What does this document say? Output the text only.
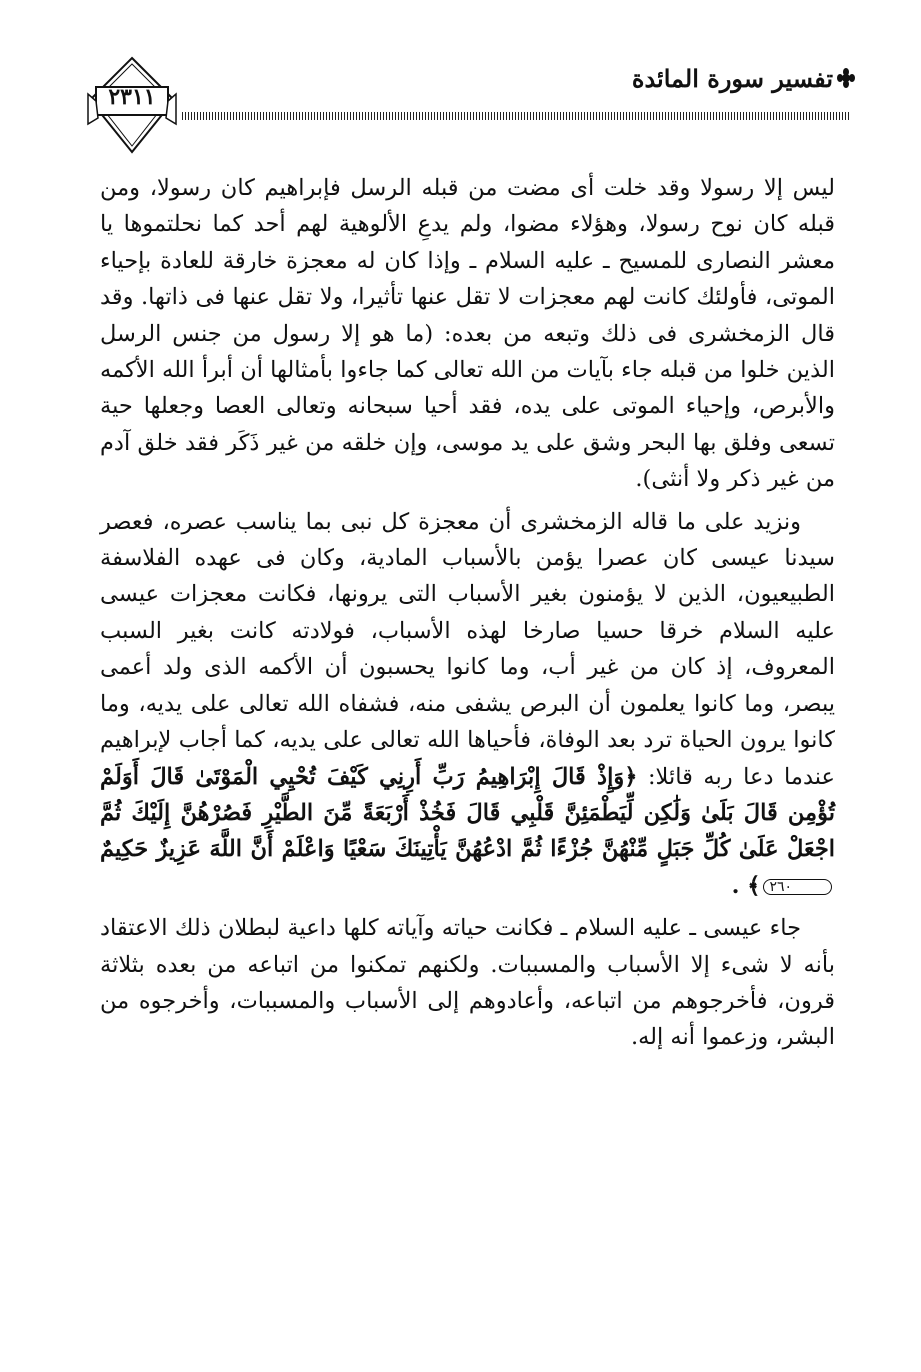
٢٣١١
تفسير سورة المائدة

ليس إلا رسولا وقد خلت أى مضت من قبله الرسل فإبراهيم كان رسولا، ومن قبله كان نوح رسولا، وهؤلاء مضوا، ولم يدعِ الألوهية لهم أحد كما نحلتموها يا معشر النصارى للمسيح ـ عليه السلام ـ وإذا كان له معجزة خارقة للعادة بإحياء الموتى، فأولئك كانت لهم معجزات لا تقل عنها تأثيرا، ولا تقل عنها فى ذاتها. وقد قال الزمخشرى فى ذلك وتبعه من بعده: (ما هو إلا رسول من جنس الرسل الذين خلوا من قبله جاء بآيات من الله تعالى كما جاءوا بأمثالها أن أبرأ الله الأكمه والأبرص، وإحياء الموتى على يده، فقد أحيا سبحانه وتعالى العصا وجعلها حية تسعى وفلق بها البحر وشق على يد موسى، وإن خلقه من غير ذَكَر فقد خلق آدم من غير ذكر ولا أنثى).

ونزيد على ما قاله الزمخشرى أن معجزة كل نبى بما يناسب عصره، فعصر سيدنا عيسى كان عصرا يؤمن بالأسباب المادية، وكان فى عهده الفلاسفة الطبيعيون، الذين لا يؤمنون بغير الأسباب التى يرونها، فكانت معجزات عيسى عليه السلام خرقا حسيا صارخا لهذه الأسباب، فولادته كانت بغير السبب المعروف، إذ كان من غير أب، وما كانوا يحسبون أن الأكمه الذى ولد أعمى يبصر، وما كانوا يعلمون أن البرص يشفى منه، فشفاه الله تعالى على يديه، وما كانوا يرون الحياة ترد بعد الوفاة، فأحياها الله تعالى على يديه، كما أجاب لإبراهيم عندما دعا ربه قائلا: ﴿وَإِذْ قَالَ إِبْرَاهِيمُ رَبِّ أَرِنِي كَيْفَ تُحْيِي الْمَوْتَىٰ قَالَ أَوَلَمْ تُؤْمِن قَالَ بَلَىٰ وَلَٰكِن لِّيَطْمَئِنَّ قَلْبِي قَالَ فَخُذْ أَرْبَعَةً مِّنَ الطَّيْرِ فَصُرْهُنَّ إِلَيْكَ ثُمَّ اجْعَلْ عَلَىٰ كُلِّ جَبَلٍ مِّنْهُنَّ جُزْءًا ثُمَّ ادْعُهُنَّ يَأْتِينَكَ سَعْيًا وَاعْلَمْ أَنَّ اللَّهَ عَزِيزٌ حَكِيمٌ٢٦٠﴾ .

جاء عيسى ـ عليه السلام ـ فكانت حياته وآياته كلها داعية لبطلان ذلك الاعتقاد بأنه لا شىء إلا الأسباب والمسببات. ولكنهم تمكنوا من اتباعه من بعده بثلاثة قرون، فأخرجوهم من اتباعه، وأعادوهم إلى الأسباب والمسببات، وأخرجوه من البشر، وزعموا أنه إله.
